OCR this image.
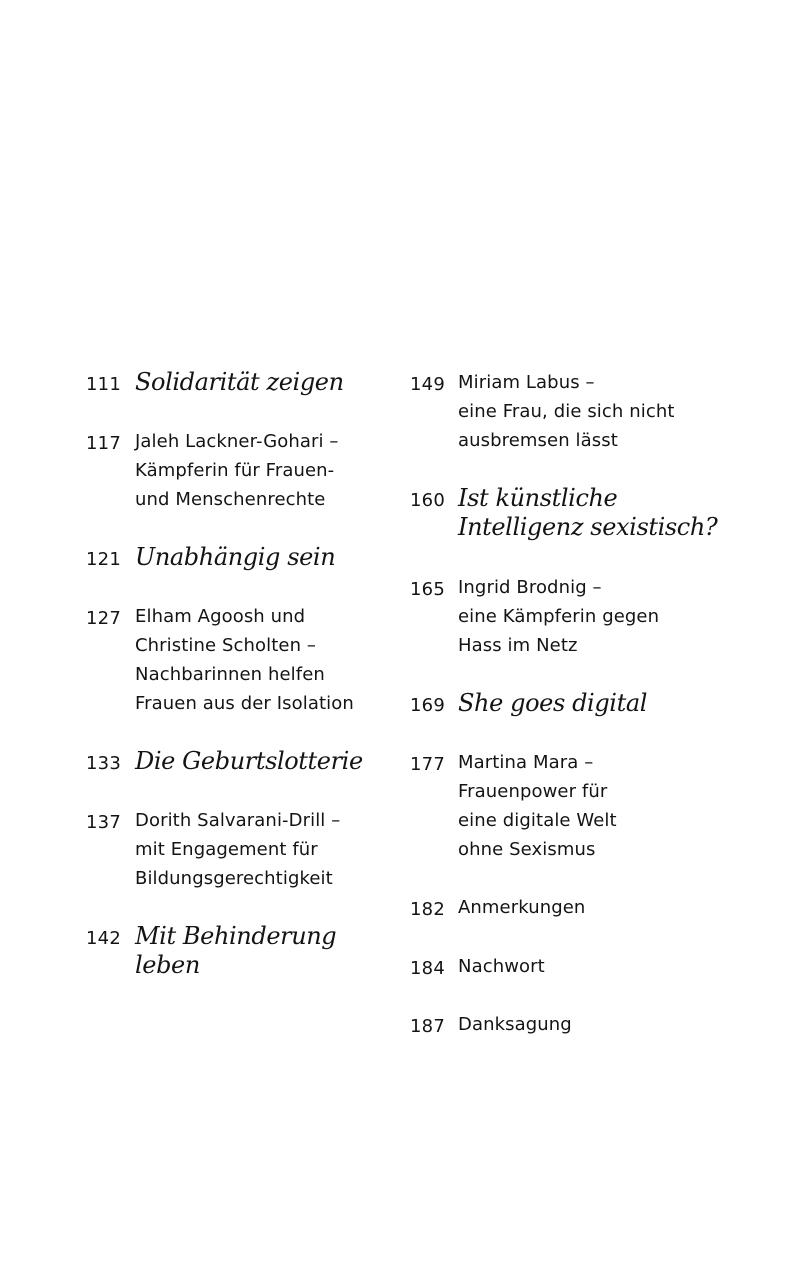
111 Solidarität zeigen
117 Jaleh Lackner-Gohari –
Kämpferin für Frauen-
und Menschenrechte
121 Unabhängig sein
127 Elham Agoosh und
Christine Scholten –
Nachbarinnen helfen
Frauen aus der Isolation
133 Die Geburtslotterie
137 Dorith Salvarani-Drill –
mit Engagement für
Bildungsgerechtigkeit
142 Mit Behinderung
leben
149 Miriam Labus –
eine Frau, die sich nicht
ausbremsen lässt
160 Ist künstliche
Intelligenz sexistisch?
165 Ingrid Brodnig –
eine Kämpferin gegen
Hass im Netz
169 She goes digital
177 Martina Mara –
Frauenpower für
eine digitale Welt
ohne Sexismus
182 Anmerkungen
184 Nachwort
187 Danksagung
